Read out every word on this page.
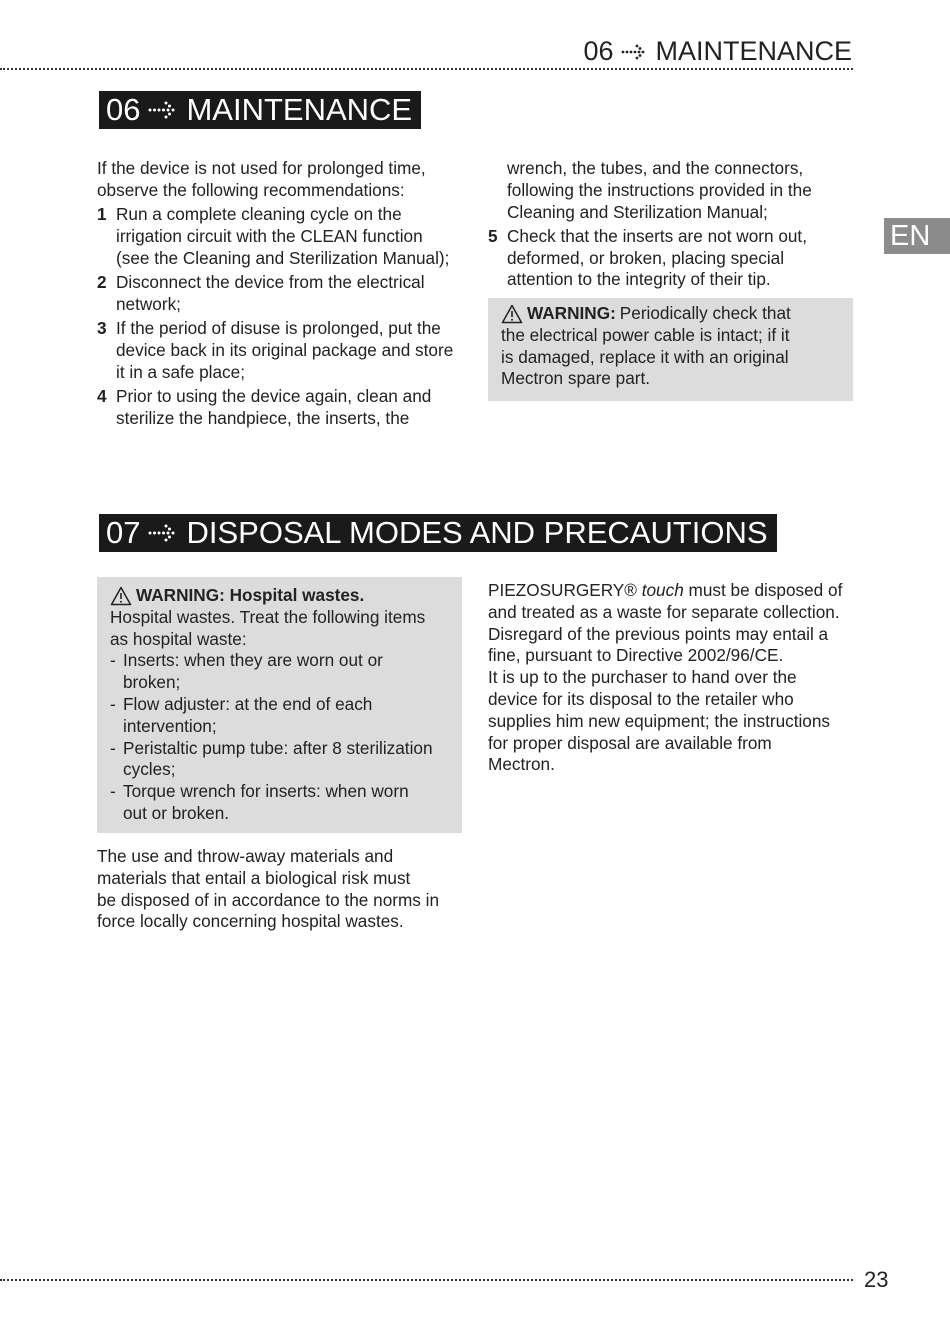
06 MAINTENANCE
EN
06 MAINTENANCE

If the device is not used for prolonged time,

observe the following recommendations:

1 Run a complete cleaning cycle on the

irrigation circuit with the CLEAN function

(see the Cleaning and Sterilization Manual);

2 Disconnect the device from the electrical

network;

3 If the period of disuse is prolonged, put the

device back in its original package and store

it in a safe place;

4 Prior to using the device again, clean and

sterilize the handpiece, the inserts, the

wrench, the tubes, and the connectors,

following the instructions provided in the

Cleaning and Sterilization Manual;

5 Check that the inserts are not worn out,

deformed, or broken, placing special

attention to the integrity of their tip.

WARNING: Periodically check that

the electrical power cable is intact; if it

is damaged, replace it with an original

Mectron spare part.

07 DISPOSAL MODES AND PRECAUTIONS
WARNING: Hospital wastes.

Hospital wastes. Treat the following items

as hospital waste:

- Inserts: when they are worn out or

broken;

- Flow adjuster: at the end of each

intervention;

- Peristaltic pump tube: after 8 sterilization

cycles;

- Torque wrench for inserts: when worn

out or broken.

The use and throw-away materials and

materials that entail a biological risk must

be disposed of in accordance to the norms in

force locally concerning hospital wastes.

PIEZOSURGERY® touch must be disposed of

and treated as a waste for separate collection.

Disregard of the previous points may entail a

fine, pursuant to Directive 2002/96/CE.

It is up to the purchaser to hand over the

device for its disposal to the retailer who

supplies him new equipment; the instructions

for proper disposal are available from

Mectron.

23
